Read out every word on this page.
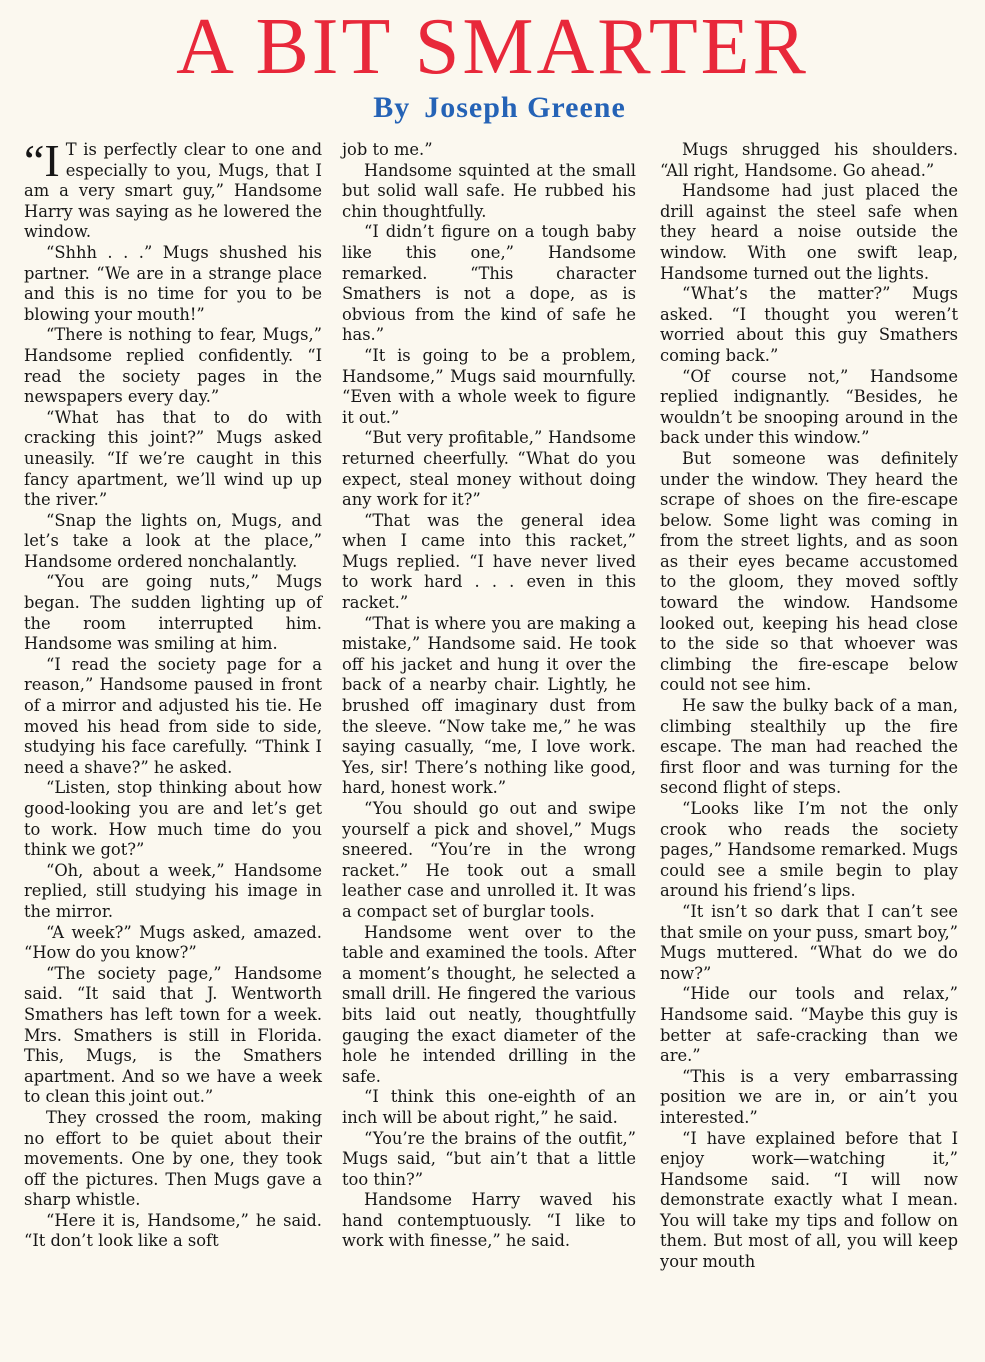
A BIT SMARTER
By Joseph Greene

“I T is perfectly clear to one and especially to you, Mugs, that I am a very smart guy,” Handsome Harry was saying as he lowered the window.

“Shhh . . .” Mugs shushed his partner. “We are in a strange place and this is no time for you to be blowing your mouth!”

“There is nothing to fear, Mugs,” Handsome replied confidently. “I read the society pages in the newspapers every day.”

“What has that to do with cracking this joint?” Mugs asked uneasily. “If we’re caught in this fancy apartment, we’ll wind up up the river.”

“Snap the lights on, Mugs, and let’s take a look at the place,” Handsome ordered nonchalantly.

“You are going nuts,” Mugs began. The sudden lighting up of the room interrupted him. Handsome was smiling at him.

“I read the society page for a reason,” Handsome paused in front of a mirror and adjusted his tie. He moved his head from side to side, studying his face carefully. “Think I need a shave?” he asked.

“Listen, stop thinking about how good-looking you are and let’s get to work. How much time do you think we got?”

“Oh, about a week,” Handsome replied, still studying his image in the mirror.

“A week?” Mugs asked, amazed. “How do you know?”

“The society page,” Handsome said. “It said that J. Wentworth Smathers has left town for a week. Mrs. Smathers is still in Florida. This, Mugs, is the Smathers apartment. And so we have a week to clean this joint out.”

They crossed the room, making no effort to be quiet about their movements. One by one, they took off the pictures. Then Mugs gave a sharp whistle.

“Here it is, Handsome,” he said. “It don’t look like a soft

job to me.”

Handsome squinted at the small but solid wall safe. He rubbed his chin thoughtfully.

“I didn’t figure on a tough baby like this one,” Handsome remarked. “This character Smathers is not a dope, as is obvious from the kind of safe he has.”

“It is going to be a problem, Handsome,” Mugs said mournfully. “Even with a whole week to figure it out.”

“But very profitable,” Handsome returned cheerfully. “What do you expect, steal money without doing any work for it?”

“That was the general idea when I came into this racket,” Mugs replied. “I have never lived to work hard . . . even in this racket.”

“That is where you are making a mistake,” Handsome said. He took off his jacket and hung it over the back of a nearby chair. Lightly, he brushed off imaginary dust from the sleeve. “Now take me,” he was saying casually, “me, I love work. Yes, sir! There’s nothing like good, hard, honest work.”

“You should go out and swipe yourself a pick and shovel,” Mugs sneered. “You’re in the wrong racket.” He took out a small leather case and unrolled it. It was a compact set of burglar tools.

Handsome went over to the table and examined the tools. After a moment’s thought, he selected a small drill. He fingered the various bits laid out neatly, thoughtfully gauging the exact diameter of the hole he intended drilling in the safe.

“I think this one-eighth of an inch will be about right,” he said.

“You’re the brains of the outfit,” Mugs said, “but ain’t that a little too thin?”

Handsome Harry waved his hand contemptuously. “I like to work with finesse,” he said.

Mugs shrugged his shoulders. “All right, Handsome. Go ahead.”

Handsome had just placed the drill against the steel safe when they heard a noise outside the window. With one swift leap, Handsome turned out the lights.

“What’s the matter?” Mugs asked. “I thought you weren’t worried about this guy Smathers coming back.”

“Of course not,” Handsome replied indignantly. “Besides, he wouldn’t be snooping around in the back under this window.”

But someone was definitely under the window. They heard the scrape of shoes on the fire-escape below. Some light was coming in from the street lights, and as soon as their eyes became accustomed to the gloom, they moved softly toward the window. Handsome looked out, keeping his head close to the side so that whoever was climbing the fire-escape below could not see him.

He saw the bulky back of a man, climbing stealthily up the fire escape. The man had reached the first floor and was turning for the second flight of steps.

“Looks like I’m not the only crook who reads the society pages,” Handsome remarked. Mugs could see a smile begin to play around his friend’s lips.

“It isn’t so dark that I can’t see that smile on your puss, smart boy,” Mugs muttered. “What do we do now?”

“Hide our tools and relax,” Handsome said. “Maybe this guy is better at safe-cracking than we are.”

“This is a very embarrassing position we are in, or ain’t you interested.”

“I have explained before that I enjoy work—watching it,” Handsome said. “I will now demonstrate exactly what I mean. You will take my tips and follow on them. But most of all, you will keep your mouth
